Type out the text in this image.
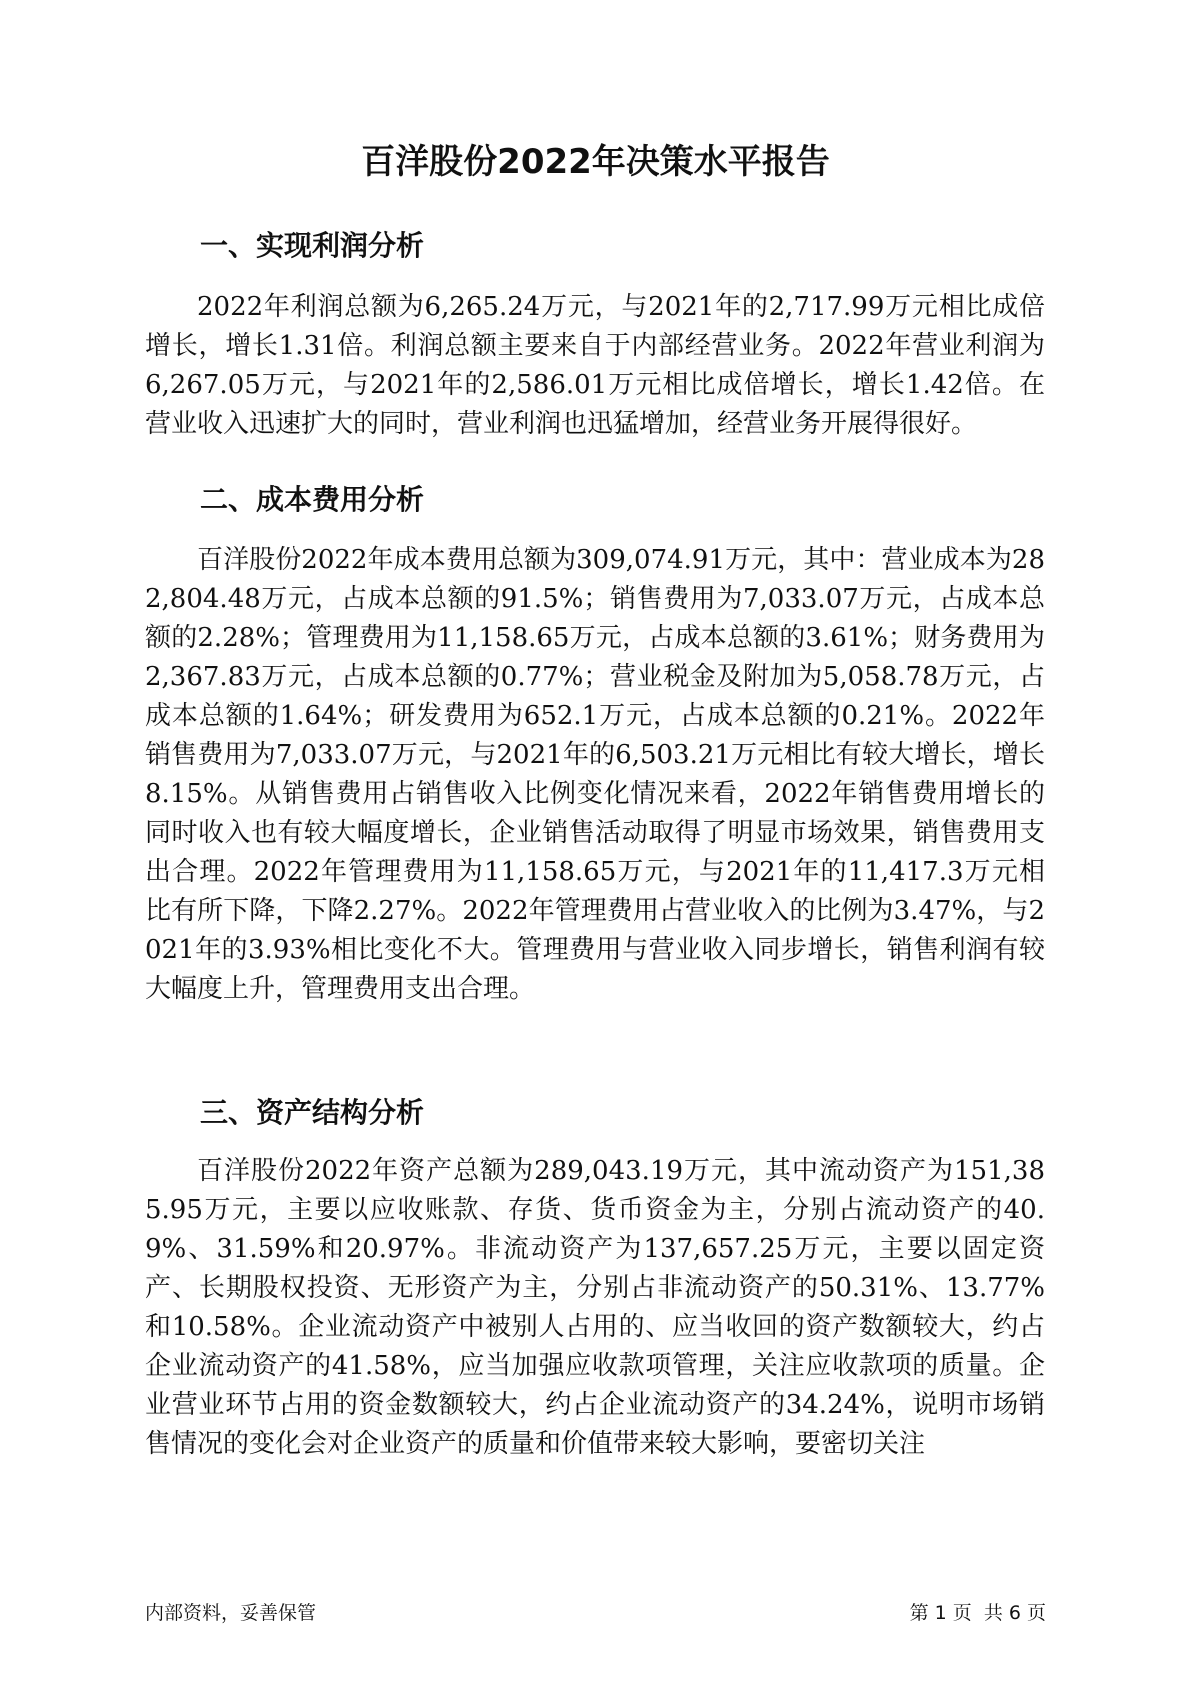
百洋股份2022年决策水平报告
一、实现利润分析

2022年利润总额为6,265.24万元，与2021年的2,717.99万元相比成倍增长，增长1.31倍。利润总额主要来自于内部经营业务。2022年营业利润为6,267.05万元，与2021年的2,586.01万元相比成倍增长，增长1.42倍。在营业收入迅速扩大的同时，营业利润也迅猛增加，经营业务开展得很好。

二、成本费用分析

百洋股份2022年成本费用总额为309,074.91万元，其中：营业成本为282,804.48万元，占成本总额的91.5%；销售费用为7,033.07万元，占成本总额的2.28%；管理费用为11,158.65万元，占成本总额的3.61%；财务费用为2,367.83万元，占成本总额的0.77%；营业税金及附加为5,058.78万元，占成本总额的1.64%；研发费用为652.1万元，占成本总额的0.21%。2022年销售费用为7,033.07万元，与2021年的6,503.21万元相比有较大增长，增长8.15%。从销售费用占销售收入比例变化情况来看，2022年销售费用增长的同时收入也有较大幅度增长，企业销售活动取得了明显市场效果，销售费用支出合理。2022年管理费用为11,158.65万元，与2021年的11,417.3万元相比有所下降，下降2.27%。2022年管理费用占营业收入的比例为3.47%，与2021年的3.93%相比变化不大。管理费用与营业收入同步增长，销售利润有较大幅度上升，管理费用支出合理。

三、资产结构分析

百洋股份2022年资产总额为289,043.19万元，其中流动资产为151,385.95万元，主要以应收账款、存货、货币资金为主，分别占流动资产的40.9%、31.59%和20.97%。非流动资产为137,657.25万元，主要以固定资产、长期股权投资、无形资产为主，分别占非流动资产的50.31%、13.77%和10.58%。企业流动资产中被别人占用的、应当收回的资产数额较大，约占企业流动资产的41.58%，应当加强应收款项管理，关注应收款项的质量。企业营业环节占用的资金数额较大，约占企业流动资产的34.24%，说明市场销售情况的变化会对企业资产的质量和价值带来较大影响，要密切关注

内部资料，妥善保管	第 1 页  共 6 页
